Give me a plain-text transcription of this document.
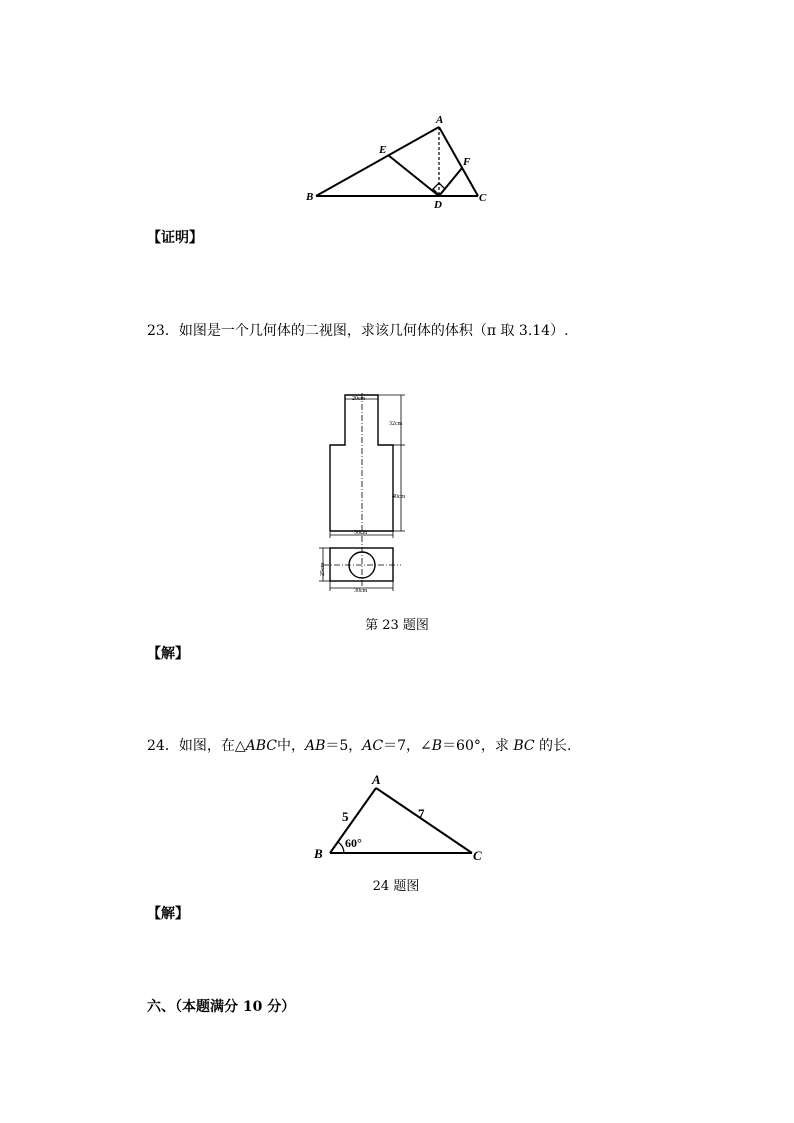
A
E
F
B
D
C
【证明】
23．如图是一个几何体的二视图，求该几何体的体积（π 取 3.14）.
20cm
32cm
40cm
30cm
25cm
30cm
第 23 题图
【解】
24．如图，在△ABC中，AB＝5，AC＝7，∠B＝60°，求 BC 的长.
A
B	C
5	7
60°
24 题图
【解】
六、（本题满分 10 分）
